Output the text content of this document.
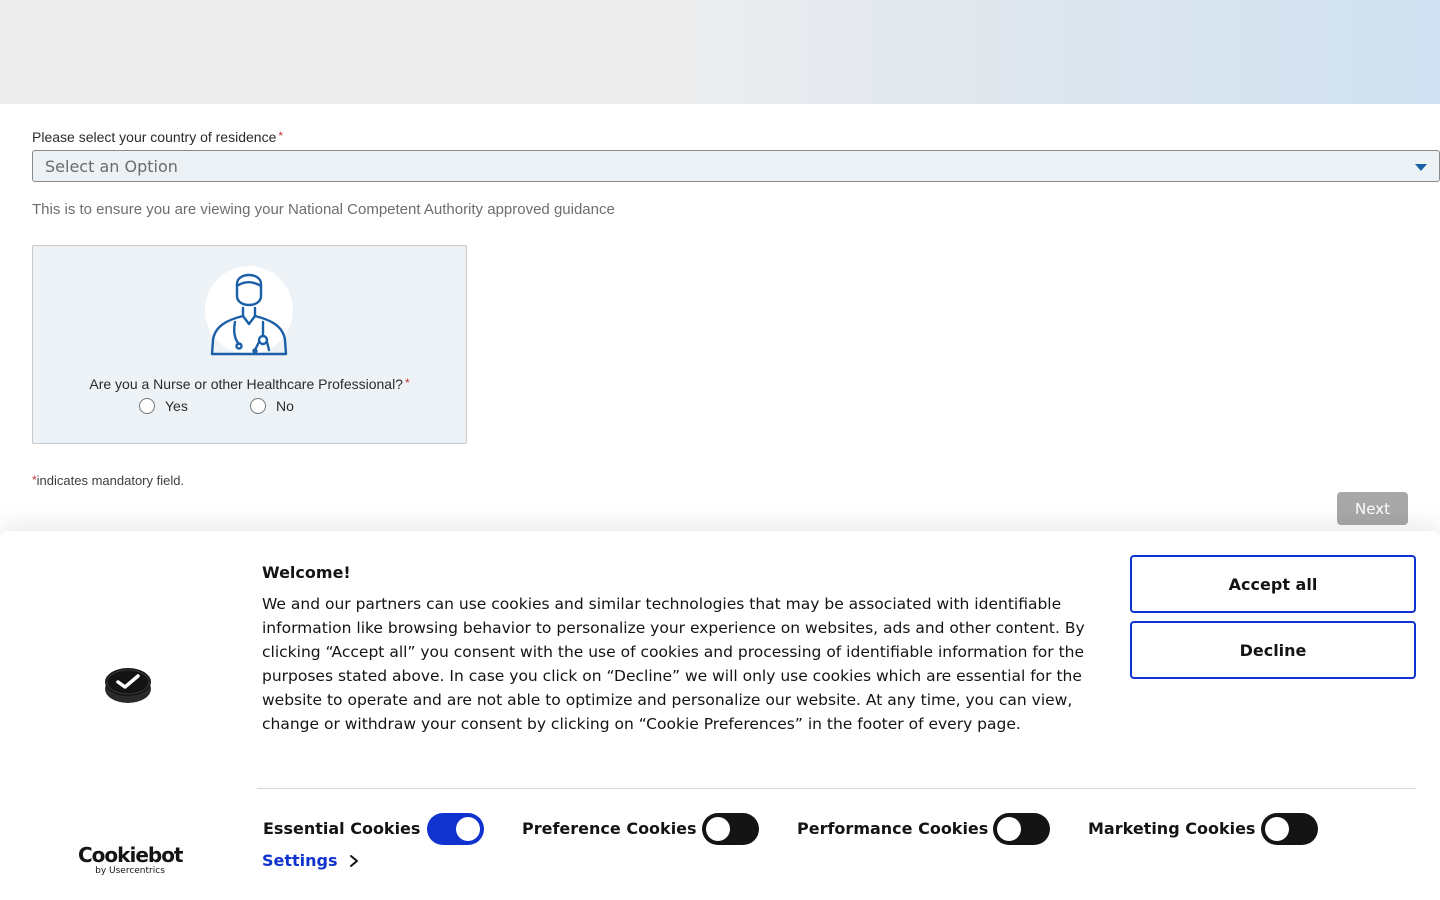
Please select your country of residence *
Select an Option
This is to ensure you are viewing your National Competent Authority approved guidance
Are you a Nurse or other Healthcare Professional? *
Yes	No
*indicates mandatory field.
Next
Cookiebot
by Usercentrics
Welcome!
We and our partners can use cookies and similar technologies that may be associated with identifiable information like browsing behavior to personalize your experience on websites, ads and other content. By clicking “Accept all” you consent with the use of cookies and processing of identifiable information for the purposes stated above. In case you click on “Decline” we will only use cookies which are essential for the website to operate and are not able to optimize and personalize our website. At any time, you can view, change or withdraw your consent by clicking on “Cookie Preferences” in the footer of every page.
Accept all
Decline
Essential Cookies	Preference Cookies	Performance Cookies	Marketing Cookies
Settings
